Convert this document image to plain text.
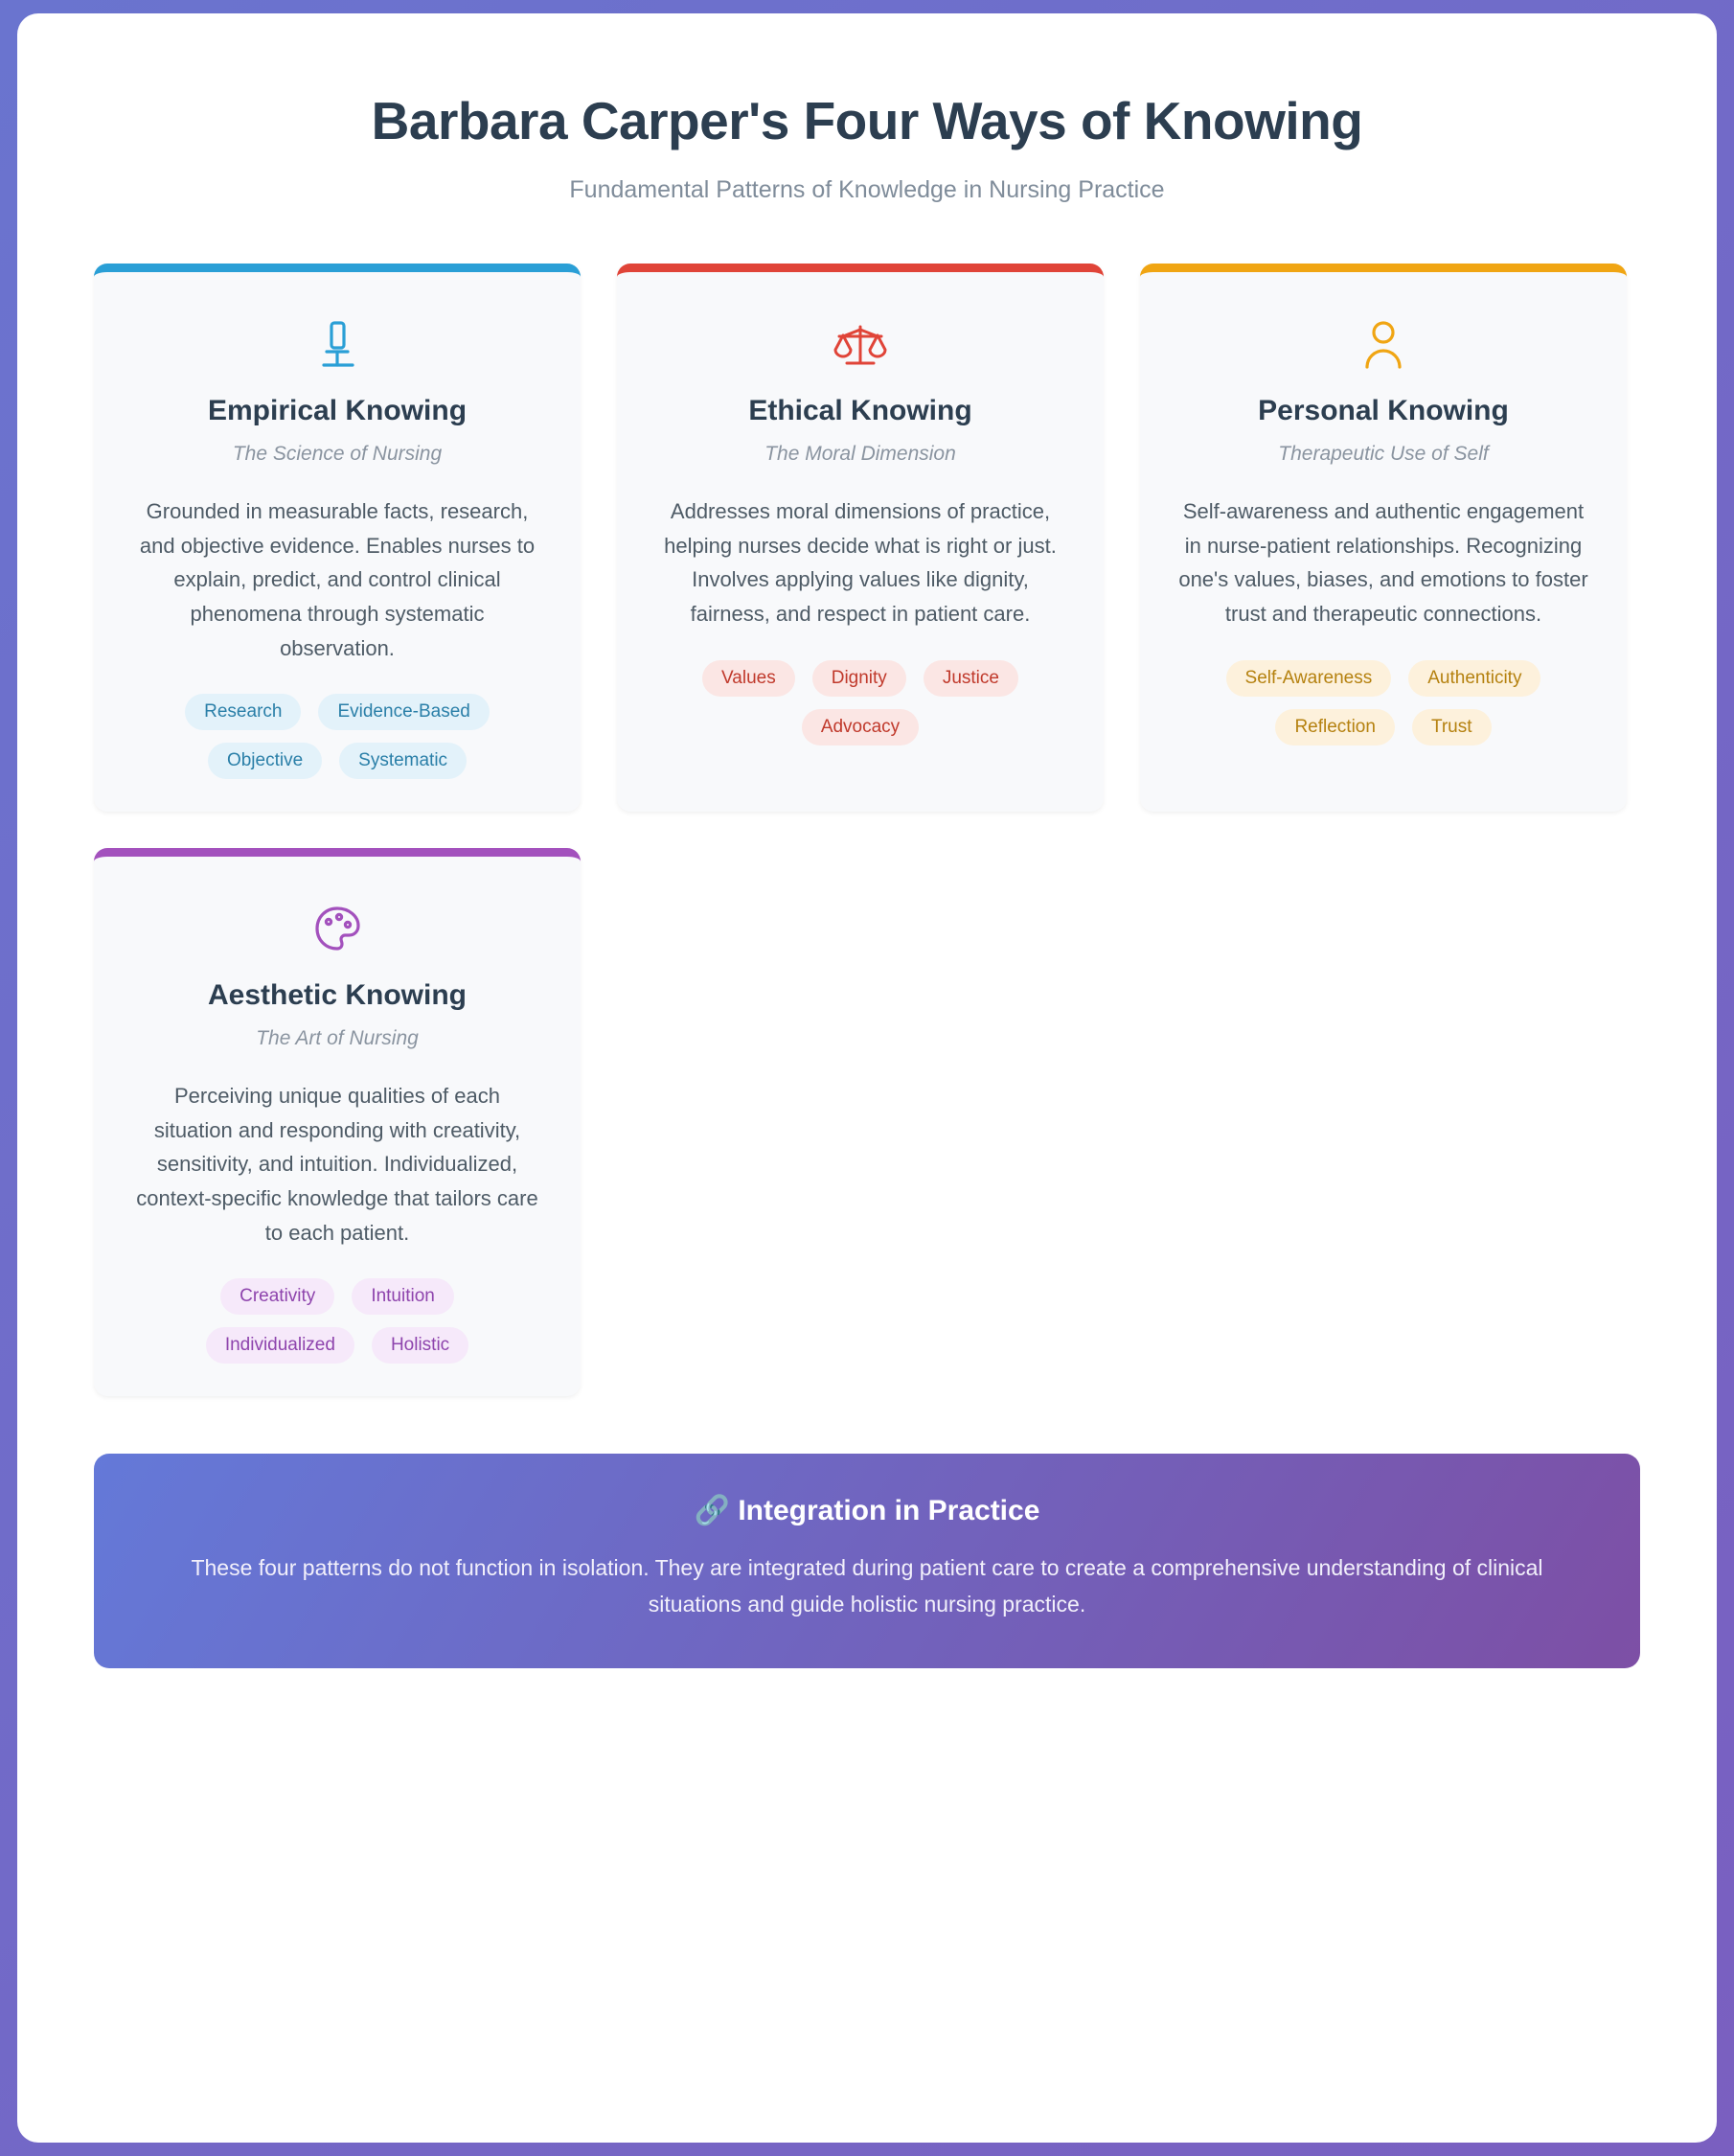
Barbara Carper's Four Ways of Knowing

Fundamental Patterns of Knowledge in Nursing Practice

Empirical Knowing
The Science of Nursing

Grounded in measurable facts, research, and objective evidence. Enables nurses to explain, predict, and control clinical phenomena through systematic observation.

Research	Evidence-Based
Objective	Systematic
Ethical Knowing
The Moral Dimension

Addresses moral dimensions of practice, helping nurses decide what is right or just. Involves applying values like dignity, fairness, and respect in patient care.

Values	Dignity	Justice
Advocacy
Personal Knowing
Therapeutic Use of Self

Self-awareness and authentic engagement in nurse-patient relationships. Recognizing one's values, biases, and emotions to foster trust and therapeutic connections.

Self-Awareness	Authenticity
Reflection	Trust
Aesthetic Knowing
The Art of Nursing

Perceiving unique qualities of each situation and responding with creativity, sensitivity, and intuition. Individualized, context-specific knowledge that tailors care to each patient.

Creativity	Intuition
Individualized	Holistic
🔗 Integration in Practice

These four patterns do not function in isolation. They are integrated during patient care to create a comprehensive understanding of clinical situations and guide holistic nursing practice.
